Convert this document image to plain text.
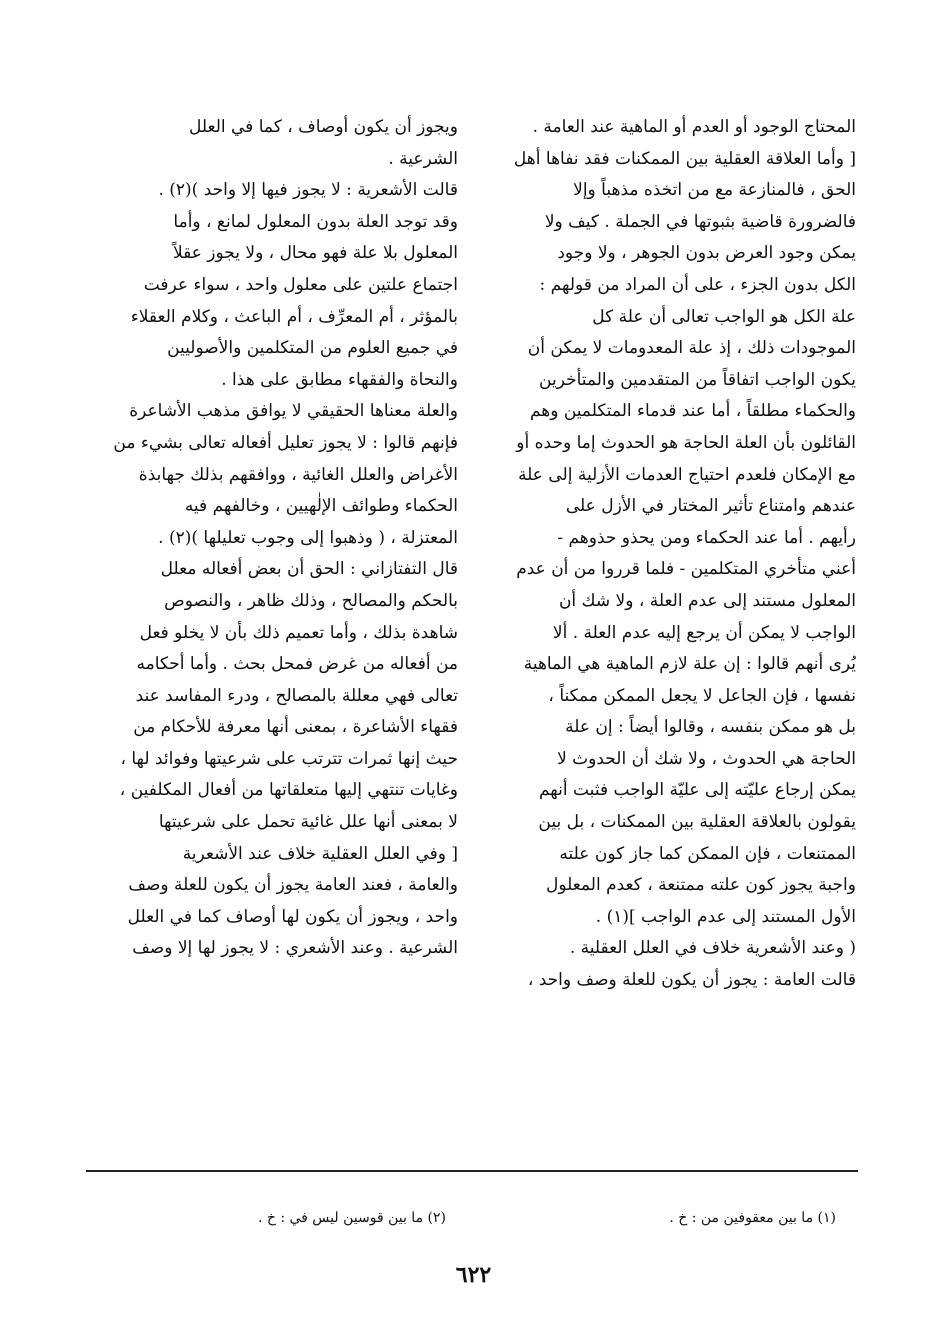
المحتاج الوجود أو العدم أو الماهية عند العامة .
[ وأما العلاقة العقلية بين الممكنات فقد نفاها أهل
الحق ، فالمنازعة مع من اتخذه مذهباً وإلا
فالضرورة قاضية بثبوتها في الجملة . كيف ولا
يمكن وجود العرض بدون الجوهر ، ولا وجود
الكل بدون الجزء ، على أن المراد من قولهم :
علة الكل هو الواجب تعالى أن علة كل
الموجودات ذلك ، إذ علة المعدومات لا يمكن أن
يكون الواجب اتفاقاً من المتقدمين والمتأخرين
والحكماء مطلقاً ، أما عند قدماء المتكلمين وهم
القائلون بأن العلة الحاجة هو الحدوث إما وحده أو
مع الإمكان فلعدم احتياج العدمات الأزلية إلى علة
عندهم وامتناع تأثير المختار في الأزل على
رأيهم . أما عند الحكماء ومن يحذو حذوهم -
أعني متأخري المتكلمين - فلما قرروا من أن عدم
المعلول مستند إلى عدم العلة ، ولا شك أن
الواجب لا يمكن أن يرجع إليه عدم العلة . ألا
يُرى أنهم قالوا : إن علة لازم الماهية هي الماهية
نفسها ، فإن الجاعل لا يجعل الممكن ممكناً ،
بل هو ممكن بنفسه ، وقالوا أيضاً : إن علة
الحاجة هي الحدوث ، ولا شك أن الحدوث لا
يمكن إرجاع عليّته إلى عليّة الواجب فثبت أنهم
يقولون بالعلاقة العقلية بين الممكنات ، بل بين
الممتنعات ، فإن الممكن كما جاز كون علته
واجبة يجوز كون علته ممتنعة ، كعدم المعلول
الأول المستند إلى عدم الواجب ](١) .
( وعند الأشعرية خلاف في العلل العقلية .
قالت العامة : يجوز أن يكون للعلة وصف واحد ،
ويجوز أن يكون أوصاف ، كما في العلل
الشرعية .
قالت الأشعرية : لا يجوز فيها إلا واحد )(٢) .
وقد توجد العلة بدون المعلول لمانع ، وأما
المعلول بلا علة فهو محال ، ولا يجوز عقلاً
اجتماع علتين على معلول واحد ، سواء عرفت
بالمؤثر ، أم المعرِّف ، أم الباعث ، وكلام العقلاء
في جميع العلوم من المتكلمين والأصوليين
والنحاة والفقهاء مطابق على هذا .
والعلة معناها الحقيقي لا يوافق مذهب الأشاعرة
فإنهم قالوا : لا يجوز تعليل أفعاله تعالى بشيء من
الأغراض والعلل الغائية ، ووافقهم بذلك جهابذة
الحكماء وطوائف الإلٰهيين ، وخالفهم فيه
المعتزلة ، ( وذهبوا إلى وجوب تعليلها )(٢) .
قال التفتازاني : الحق أن بعض أفعاله معلل
بالحكم والمصالح ، وذلك ظاهر ، والنصوص
شاهدة بذلك ، وأما تعميم ذلك بأن لا يخلو فعل
من أفعاله من غرض فمحل بحث . وأما أحكامه
تعالى فهي معللة بالمصالح ، ودرء المفاسد عند
فقهاء الأشاعرة ، بمعنى أنها معرفة للأحكام من
حيث إنها ثمرات تترتب على شرعيتها وفوائد لها ،
وغايات تنتهي إليها متعلقاتها من أفعال المكلفين ،
لا بمعنى أنها علل غائية تحمل على شرعيتها
[ وفي العلل العقلية خلاف عند الأشعرية
والعامة ، فعند العامة يجوز أن يكون للعلة وصف
واحد ، ويجوز أن يكون لها أوصاف كما في العلل
الشرعية . وعند الأشعري : لا يجوز لها إلا وصف
(١) ما بين معقوفين من : خ .
(٢) ما بين قوسين ليس في : خ .
٦٢٢
